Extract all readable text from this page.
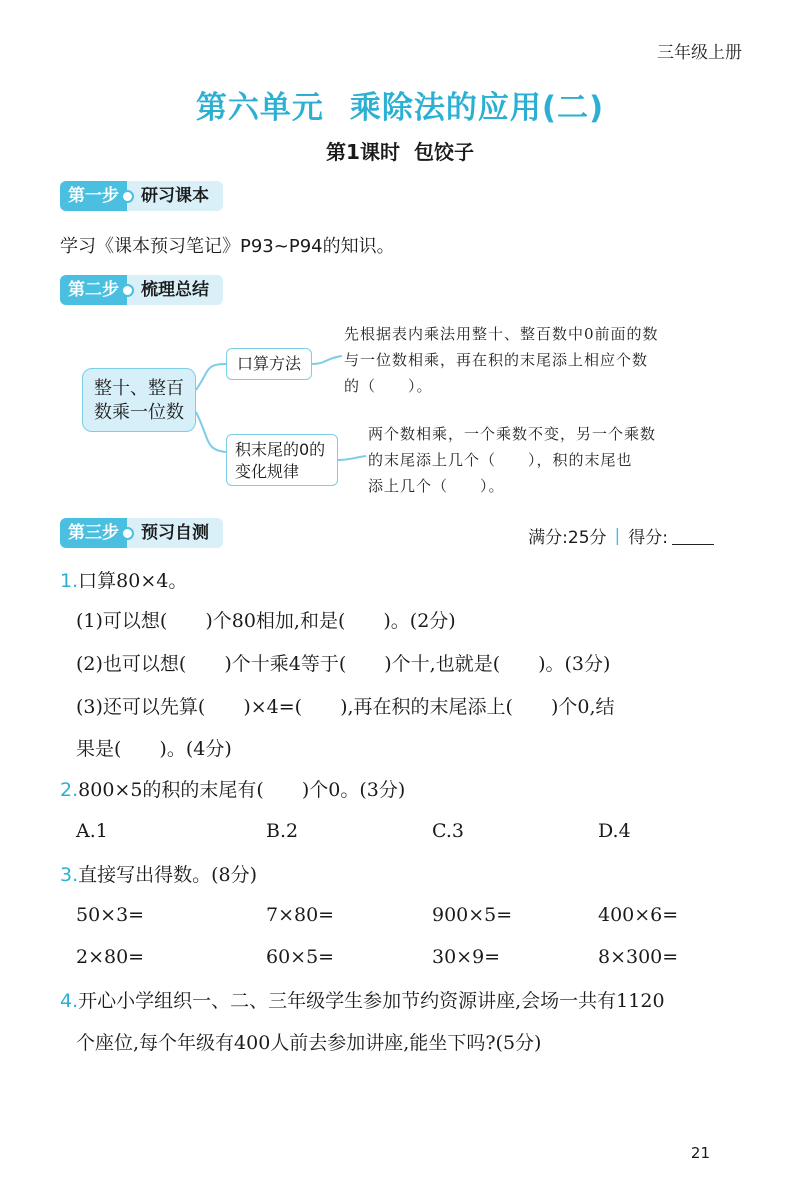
三年级上册
第六单元 乘除法的应用(二)
第1课时 包饺子
第一步	研习课本
学习《课本预习笔记》P93~P94的知识。
第二步	梳理总结
整十、整百
数乘一位数
口算方法
积末尾的0的
变化规律
先根据表内乘法用整十、整百数中0前面的数
与一位数相乘，再在积的末尾添上相应个数
的（　　）。
两个数相乘，一个乘数不变，另一个乘数
的末尾添上几个（　　），积的末尾也
添上几个（　　）。
第三步	预习自测	满分:25分 | 得分:
1.口算80×4。
(1)可以想(　　)个80相加,和是(　　)。(2分)
(2)也可以想(　　)个十乘4等于(　　)个十,也就是(　　)。(3分)
(3)还可以先算(　　)×4=(　　),再在积的末尾添上(　　)个0,结
果是(　　)。(4分)
2.800×5的积的末尾有(　　)个0。(3分)
A.1	B.2	C.3	D.4
3.直接写出得数。(8分)
50×3=	7×80=	900×5=	400×6=
2×80=	60×5=	30×9=	8×300=
4.开心小学组织一、二、三年级学生参加节约资源讲座,会场一共有1120
个座位,每个年级有400人前去参加讲座,能坐下吗?(5分)
21
